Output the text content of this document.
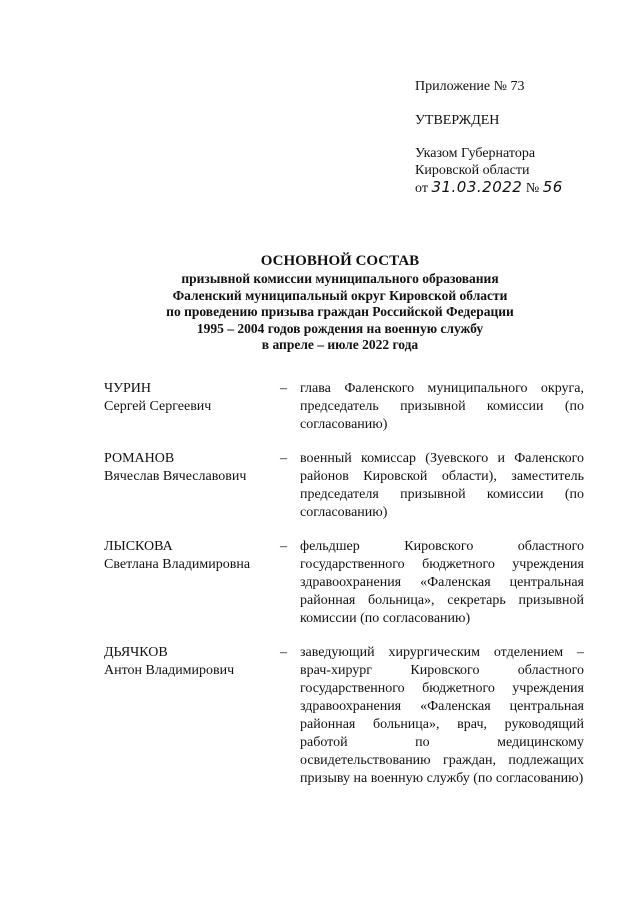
Приложение № 73
УТВЕРЖДЕН
Указом Губернатора
Кировской области
от 31.03.2022 № 56
ОСНОВНОЙ СОСТАВ
призывной комиссии муниципального образования
Фаленский муниципальный округ Кировской области
по проведению призыва граждан Российской Федерации
1995 – 2004 годов рождения на военную службу
в апреле – июле 2022 года
ЧУРИН
Сергей Сергеевич
– глава Фаленского муниципального округа, председатель призывной комиссии (по согласованию)
РОМАНОВ
Вячеслав Вячеславович
– военный комиссар (Зуевского и Фаленского районов Кировской области), заместитель председателя призывной комиссии (по согласованию)
ЛЫСКОВА
Светлана Владимировна
– фельдшер Кировского областного государственного бюджетного учреждения здравоохранения «Фаленская центральная районная больница», секретарь призывной комиссии (по согласованию)
ДЬЯЧКОВ
Антон Владимирович
– заведующий хирургическим отделением – врач-хирург Кировского областного государственного бюджетного учреждения здравоохранения «Фаленская центральная районная больница», врач, руководящий работой по медицинскому освидетельствованию граждан, подлежащих призыву на военную службу (по согласованию)
